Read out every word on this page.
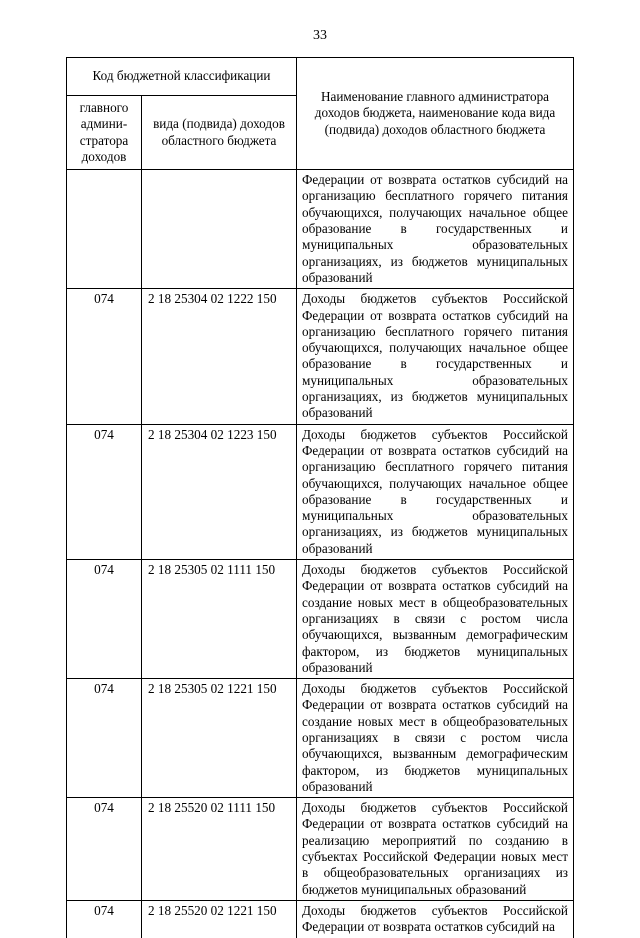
33
Код бюджетной классификации		Наименование главного администратора доходов бюджета, наименование кода вида (подвида) доходов областного бюджета
главного админи-стратора доходов	вида (подвида) доходов областного бюджета	
		Федерации от возврата остатков субсидий на организацию бесплатного горячего питания обучающихся, получающих начальное общее образование в государственных и муниципальных образовательных организациях, из бюджетов муниципальных образований
074	2 18 25304 02 1222 150	Доходы бюджетов субъектов Российской Федерации от возврата остатков субсидий на организацию бесплатного горячего питания обучающихся, получающих начальное общее образование в государственных и муниципальных образовательных организациях, из бюджетов муниципальных образований
074	2 18 25304 02 1223 150	Доходы бюджетов субъектов Российской Федерации от возврата остатков субсидий на организацию бесплатного горячего питания обучающихся, получающих начальное общее образование в государственных и муниципальных образовательных организациях, из бюджетов муниципальных образований
074	2 18 25305 02 1111 150	Доходы бюджетов субъектов Российской Федерации от возврата остатков субсидий на создание новых мест в общеобразовательных организациях в связи с ростом числа обучающихся, вызванным демографическим фактором, из бюджетов муниципальных образований
074	2 18 25305 02 1221 150	Доходы бюджетов субъектов Российской Федерации от возврата остатков субсидий на создание новых мест в общеобразовательных организациях в связи с ростом числа обучающихся, вызванным демографическим фактором, из бюджетов муниципальных образований
074	2 18 25520 02 1111 150	Доходы бюджетов субъектов Российской Федерации от возврата остатков субсидий на реализацию мероприятий по созданию в субъектах Российской Федерации новых мест в общеобразовательных организациях из бюджетов муниципальных образований
074	2 18 25520 02 1221 150	Доходы бюджетов субъектов Российской Федерации от возврата остатков субсидий на
